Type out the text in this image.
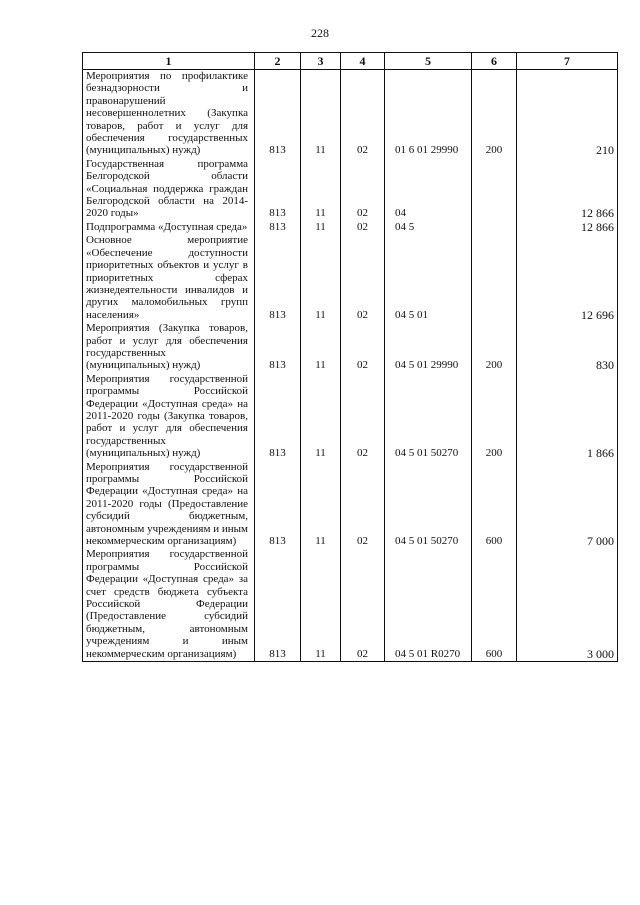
228
1	2	3	4	5	6	7
Мероприятия по профилактике безнадзорности и правонарушений несовершеннолетних (Закупка товаров, работ и услуг для обеспечения государственных (муниципальных) нужд)	813	11	02	01 6 01 29990	200	210
Государственная программа Белгородской области «Социальная поддержка граждан Белгородской области на 2014-2020 годы»	813	11	02	04		12 866
Подпрограмма «Доступная среда»	813	11	02	04 5		12 866
Основное мероприятие «Обеспечение доступности приоритетных объектов и услуг в приоритетных сферах жизнедеятельности инвалидов и других маломобильных групп населения»	813	11	02	04 5 01		12 696
Мероприятия (Закупка товаров, работ и услуг для обеспечения государственных (муниципальных) нужд)	813	11	02	04 5 01 29990	200	830
Мероприятия государственной программы Российской Федерации «Доступная среда» на 2011-2020 годы (Закупка товаров, работ и услуг для обеспечения государственных (муниципальных) нужд)	813	11	02	04 5 01 50270	200	1 866
Мероприятия государственной программы Российской Федерации «Доступная среда» на 2011-2020 годы (Предоставление субсидий бюджетным, автономным учреждениям и иным некоммерческим организациям)	813	11	02	04 5 01 50270	600	7 000
Мероприятия государственной программы Российской Федерации «Доступная среда» за счет средств бюджета субъекта Российской Федерации (Предоставление субсидий бюджетным, автономным учреждениям и иным некоммерческим организациям)	813	11	02	04 5 01 R0270	600	3 000
